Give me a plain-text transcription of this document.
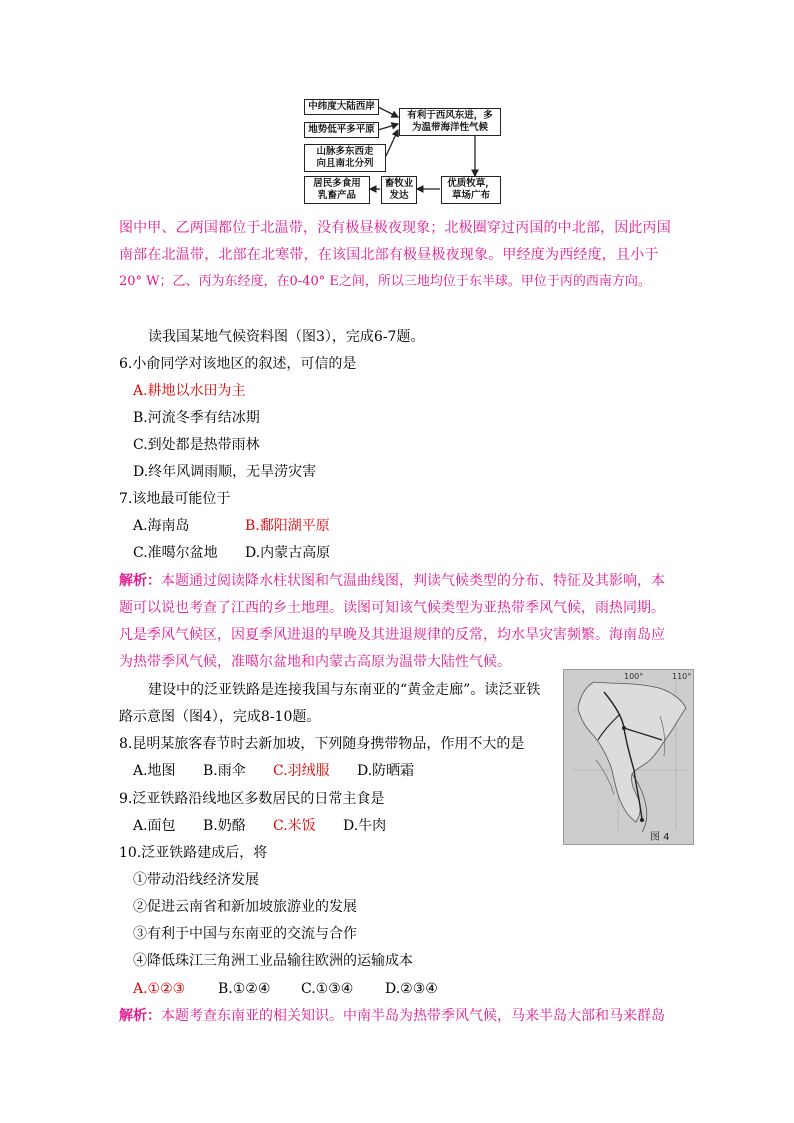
中纬度大陆西岸
地势低平多平原
山脉多东西走
向且南北分列
有利于西风东进，多
为温带海洋性气候
优质牧草，
草场广布
畜牧业
发达
居民多食用
乳畜产品
图中甲、乙两国都位于北温带，没有极昼极夜现象；北极圈穿过丙国的中北部，因此丙国
南部在北温带，北部在北寒带，在该国北部有极昼极夜现象。甲经度为西经度，且小于
20° W；乙、丙为东经度，在0-40° E之间，所以三地均位于东半球。甲位于丙的西南方向。
读我国某地气候资料图（图3），完成6-7题。
6.小俞同学对该地区的叙述，可信的是
A.耕地以水田为主
B.河流冬季有结冰期
C.到处都是热带雨林
D.终年风调雨顺，无旱涝灾害
7.该地最可能位于
A.海南岛	B.鄱阳湖平原
C.准噶尔盆地 D.内蒙古高原
解析：本题通过阅读降水柱状图和气温曲线图，判读气候类型的分布、特征及其影响，本
题可以说也考查了江西的乡土地理。读图可知该气候类型为亚热带季风气候，雨热同期。
凡是季风气候区，因夏季风进退的早晚及其进退规律的反常，均水旱灾害频繁。海南岛应
为热带季风气候，准噶尔盆地和内蒙古高原为温带大陆性气候。
建设中的泛亚铁路是连接我国与东南亚的“黄金走廊”。读泛亚铁
路示意图（图4），完成8-10题。
8.昆明某旅客春节时去新加坡，下列随身携带物品，作用不大的是
A.地图 B.雨伞 C.羽绒服 D.防晒霜
9.泛亚铁路沿线地区多数居民的日常主食是
A.面包 B.奶酪 C.米饭 D.牛肉
10.泛亚铁路建成后，将
①带动沿线经济发展
②促进云南省和新加坡旅游业的发展
③有利于中国与东南亚的交流与合作
④降低珠江三角洲工业品输往欧洲的运输成本
A.①②③ B.①②④ C.①③④ D.②③④
解析：本题考查东南亚的相关知识。中南半岛为热带季风气候，马来半岛大部和马来群岛
100°	110°
图 4
